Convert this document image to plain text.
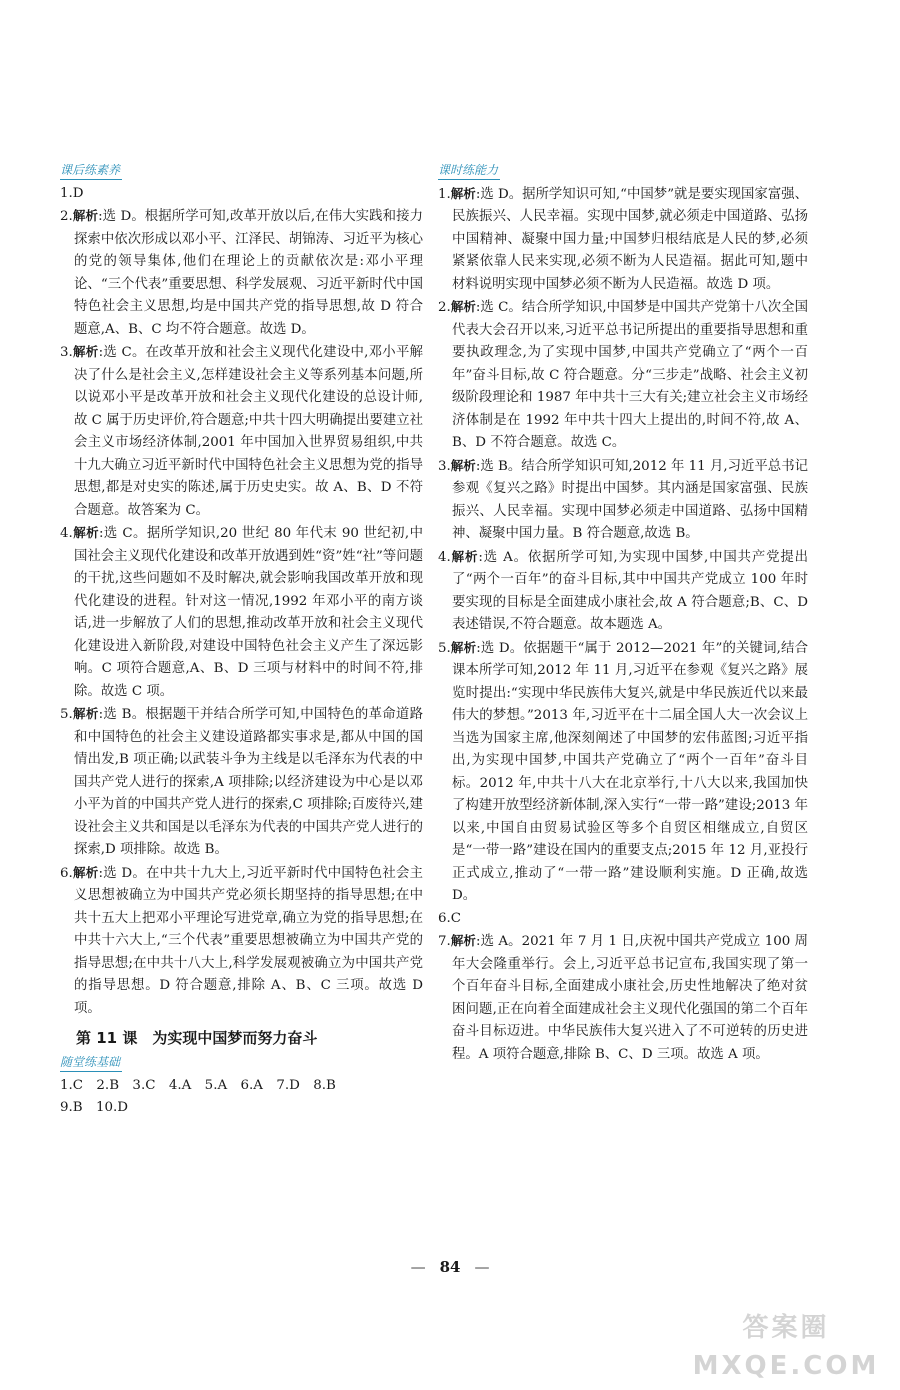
课后练素养

1.D

2.解析:选 D。根据所学可知,改革开放以后,在伟大实践和接力探索中依次形成以邓小平、江泽民、胡锦涛、习近平为核心的党的领导集体,他们在理论上的贡献依次是:邓小平理论、“三个代表”重要思想、科学发展观、习近平新时代中国特色社会主义思想,均是中国共产党的指导思想,故 D 符合题意,A、B、C 均不符合题意。故选 D。

3.解析:选 C。在改革开放和社会主义现代化建设中,邓小平解决了什么是社会主义,怎样建设社会主义等系列基本问题,所以说邓小平是改革开放和社会主义现代化建设的总设计师,故 C 属于历史评价,符合题意;中共十四大明确提出要建立社会主义市场经济体制,2001 年中国加入世界贸易组织,中共十九大确立习近平新时代中国特色社会主义思想为党的指导思想,都是对史实的陈述,属于历史史实。故 A、B、D 不符合题意。故答案为 C。

4.解析:选 C。据所学知识,20 世纪 80 年代末 90 世纪初,中国社会主义现代化建设和改革开放遇到姓“资”姓“社”等问题的干扰,这些问题如不及时解决,就会影响我国改革开放和现代化建设的进程。针对这一情况,1992 年邓小平的南方谈话,进一步解放了人们的思想,推动改革开放和社会主义现代化建设进入新阶段,对建设中国特色社会主义产生了深远影响。C 项符合题意,A、B、D 三项与材料中的时间不符,排除。故选 C 项。

5.解析:选 B。根据题干并结合所学可知,中国特色的革命道路和中国特色的社会主义建设道路都实事求是,都从中国的国情出发,B 项正确;以武装斗争为主线是以毛泽东为代表的中国共产党人进行的探索,A 项排除;以经济建设为中心是以邓小平为首的中国共产党人进行的探索,C 项排除;百废待兴,建设社会主义共和国是以毛泽东为代表的中国共产党人进行的探索,D 项排除。故选 B。

6.解析:选 D。在中共十九大上,习近平新时代中国特色社会主义思想被确立为中国共产党必须长期坚持的指导思想;在中共十五大上把邓小平理论写进党章,确立为党的指导思想;在中共十六大上,“三个代表”重要思想被确立为中国共产党的指导思想;在中共十八大上,科学发展观被确立为中国共产党的指导思想。D 符合题意,排除 A、B、C 三项。故选 D 项。

第 11 课　为实现中国梦而努力奋斗
随堂练基础

1.C　2.B　3.C　4.A　5.A　6.A　7.D　8.B

9.B　10.D

课时练能力

1.解析:选 D。据所学知识可知,“中国梦”就是要实现国家富强、民族振兴、人民幸福。实现中国梦,就必须走中国道路、弘扬中国精神、凝聚中国力量;中国梦归根结底是人民的梦,必须紧紧依靠人民来实现,必须不断为人民造福。据此可知,题中材料说明实现中国梦必须不断为人民造福。故选 D 项。

2.解析:选 C。结合所学知识,中国梦是中国共产党第十八次全国代表大会召开以来,习近平总书记所提出的重要指导思想和重要执政理念,为了实现中国梦,中国共产党确立了“两个一百年”奋斗目标,故 C 符合题意。分“三步走”战略、社会主义初级阶段理论和 1987 年中共十三大有关;建立社会主义市场经济体制是在 1992 年中共十四大上提出的,时间不符,故 A、B、D 不符合题意。故选 C。

3.解析:选 B。结合所学知识可知,2012 年 11 月,习近平总书记参观《复兴之路》时提出中国梦。其内涵是国家富强、民族振兴、人民幸福。实现中国梦必须走中国道路、弘扬中国精神、凝聚中国力量。B 符合题意,故选 B。

4.解析:选 A。依据所学可知,为实现中国梦,中国共产党提出了“两个一百年”的奋斗目标,其中中国共产党成立 100 年时要实现的目标是全面建成小康社会,故 A 符合题意;B、C、D 表述错误,不符合题意。故本题选 A。

5.解析:选 D。依据题干“属于 2012—2021 年”的关键词,结合课本所学可知,2012 年 11 月,习近平在参观《复兴之路》展览时提出:“实现中华民族伟大复兴,就是中华民族近代以来最伟大的梦想。”2013 年,习近平在十二届全国人大一次会议上当选为国家主席,他深刻阐述了中国梦的宏伟蓝图;习近平指出,为实现中国梦,中国共产党确立了“两个一百年”奋斗目标。2012 年,中共十八大在北京举行,十八大以来,我国加快了构建开放型经济新体制,深入实行“一带一路”建设;2013 年以来,中国自由贸易试验区等多个自贸区相继成立,自贸区是“一带一路”建设在国内的重要支点;2015 年 12 月,亚投行正式成立,推动了“一带一路”建设顺利实施。D 正确,故选 D。

6.C

7.解析:选 A。2021 年 7 月 1 日,庆祝中国共产党成立 100 周年大会隆重举行。会上,习近平总书记宣布,我国实现了第一个百年奋斗目标,全面建成小康社会,历史性地解决了绝对贫困问题,正在向着全面建成社会主义现代化强国的第二个百年奋斗目标迈进。中华民族伟大复兴进入了不可逆转的历史进程。A 项符合题意,排除 B、C、D 三项。故选 A 项。

— 84 —
答案圈
MXQE.COM
